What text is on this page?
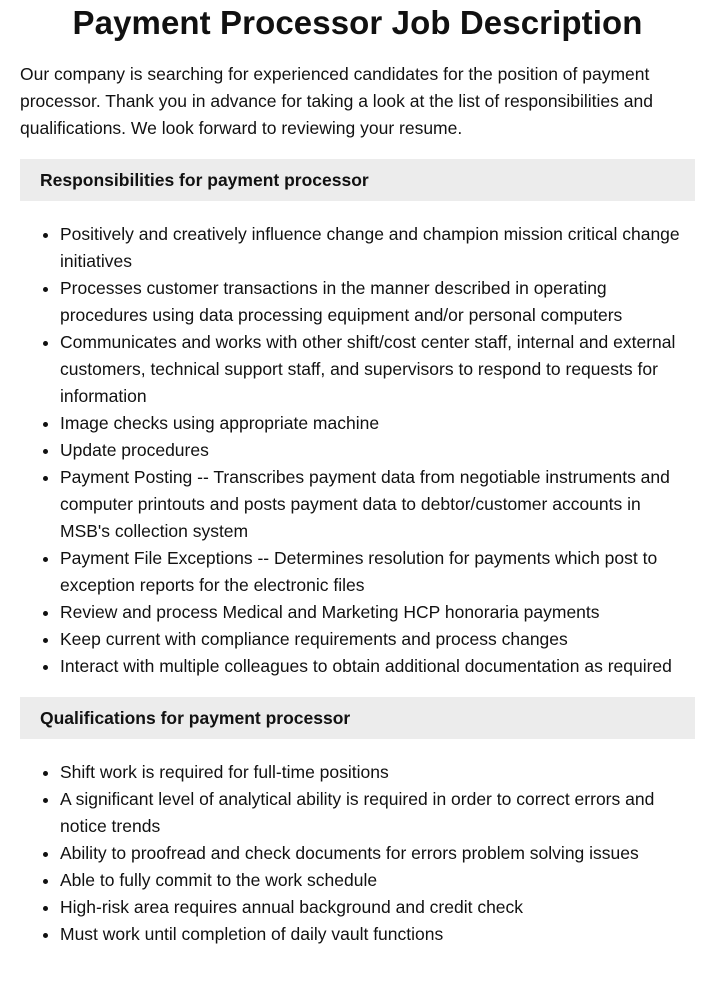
Payment Processor Job Description

Our company is searching for experienced candidates for the position of payment processor. Thank you in advance for taking a look at the list of responsibilities and qualifications. We look forward to reviewing your resume.

Responsibilities for payment processor
• Positively and creatively influence change and champion mission critical change initiatives
• Processes customer transactions in the manner described in operating procedures using data processing equipment and/or personal computers
• Communicates and works with other shift/cost center staff, internal and external customers, technical support staff, and supervisors to respond to requests for information
• Image checks using appropriate machine
• Update procedures
• Payment Posting -- Transcribes payment data from negotiable instruments and computer printouts and posts payment data to debtor/customer accounts in MSB's collection system
• Payment File Exceptions -- Determines resolution for payments which post to exception reports for the electronic files
• Review and process Medical and Marketing HCP honoraria payments
• Keep current with compliance requirements and process changes
• Interact with multiple colleagues to obtain additional documentation as required
Qualifications for payment processor
• Shift work is required for full-time positions
• A significant level of analytical ability is required in order to correct errors and notice trends
• Ability to proofread and check documents for errors problem solving issues
• Able to fully commit to the work schedule
• High-risk area requires annual background and credit check
• Must work until completion of daily vault functions
